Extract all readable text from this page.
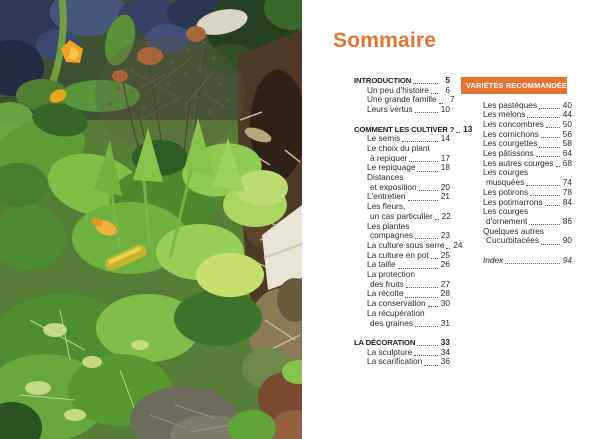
Sommaire
INTRODUCTION	5
Un peu d'histoire	6
Une grande famille	7
Leurs vertus	10
COMMENT LES CULTIVER ? 13
Le semis	14
Le choix du plant
à repiquer	17
Le repiquage	18
Distances
et exposition	20
L'entretien	21
Les fleurs,
un cas particulier 22
Les plantes
compagnes	23
La culture sous serre 24
La culture en pot 25
La taille	26
La protection
des fruits	27
La récolte	28
La conservation 30
La récupération
des graines	31
LA DÉCORATION	33
La sculpture	34
La scarification 36
VARIÉTÉS RECOMMANDÉES
Les pastèques	40
Les melons	44
Les concombres 50
Les cornichons	56
Les courgettes	58
Les pâtissons	64
Les autres courges 68
Les courges
musquées	74
Les potirons	78
Les potimarrons 84
Les courges
d'ornement	86
Quelques autres
Cucurbitacées	90
Index	94
